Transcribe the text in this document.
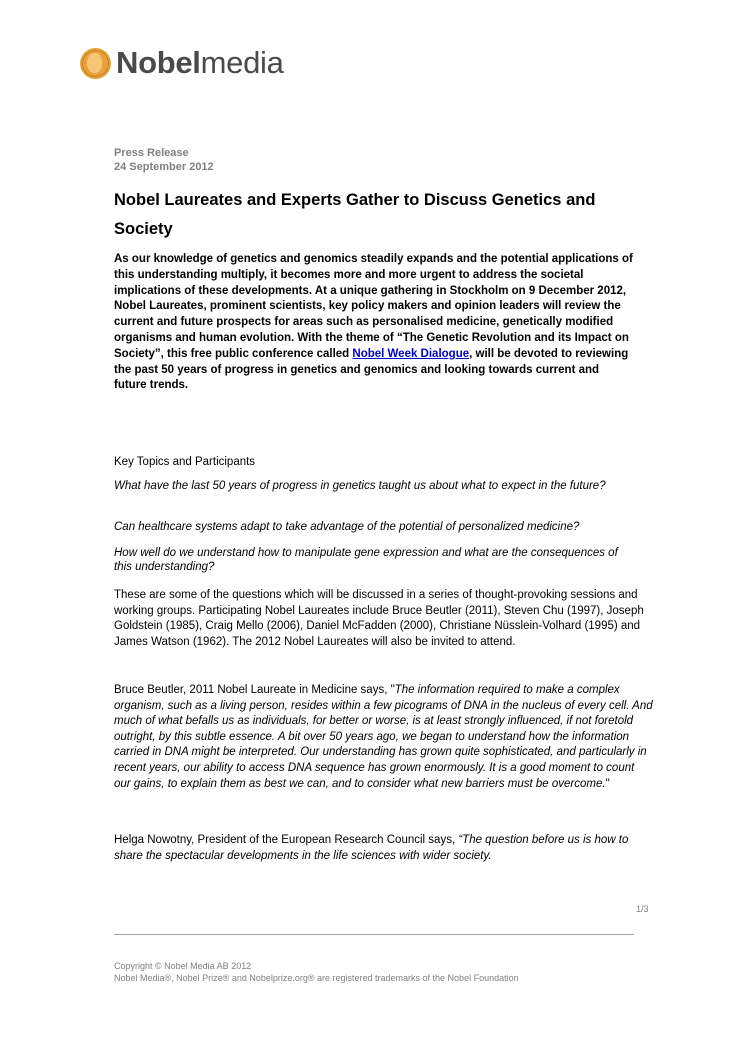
Nobelmedia
Press Release
24 September 2012
Nobel Laureates and Experts Gather to Discuss Genetics and Society

As our knowledge of genetics and genomics steadily expands and the potential applications of this understanding multiply, it becomes more and more urgent to address the societal implications of these developments. At a unique gathering in Stockholm on 9 December 2012, Nobel Laureates, prominent scientists, key policy makers and opinion leaders will review the current and future prospects for areas such as personalised medicine, genetically modified organisms and human evolution. With the theme of “The Genetic Revolution and its Impact on Society”, this free public conference called Nobel Week Dialogue, will be devoted to reviewing the past 50 years of progress in genetics and genomics and looking towards current and future trends.

Key Topics and Participants

What have the last 50 years of progress in genetics taught us about what to expect in the future?

Can healthcare systems adapt to take advantage of the potential of personalized medicine?

How well do we understand how to manipulate gene expression and what are the consequences of this understanding?

These are some of the questions which will be discussed in a series of thought-provoking sessions and working groups. Participating Nobel Laureates include Bruce Beutler (2011), Steven Chu (1997), Joseph Goldstein (1985), Craig Mello (2006), Daniel McFadden (2000), Christiane Nüsslein-Volhard (1995) and James Watson (1962). The 2012 Nobel Laureates will also be invited to attend.

Bruce Beutler, 2011 Nobel Laureate in Medicine says, "The information required to make a complex organism, such as a living person, resides within a few picograms of DNA in the nucleus of every cell. And much of what befalls us as individuals, for better or worse, is at least strongly influenced, if not foretold outright, by this subtle essence. A bit over 50 years ago, we began to understand how the information carried in DNA might be interpreted. Our understanding has grown quite sophisticated, and particularly in recent years, our ability to access DNA sequence has grown enormously. It is a good moment to count our gains, to explain them as best we can, and to consider what new barriers must be overcome."

Helga Nowotny, President of the European Research Council says, “The question before us is how to share the spectacular developments in the life sciences with wider society.

1/3
Copyright © Nobel Media AB 2012
Nobel Media®, Nobel Prize® and Nobelprize.org® are registered trademarks of the Nobel Foundation
